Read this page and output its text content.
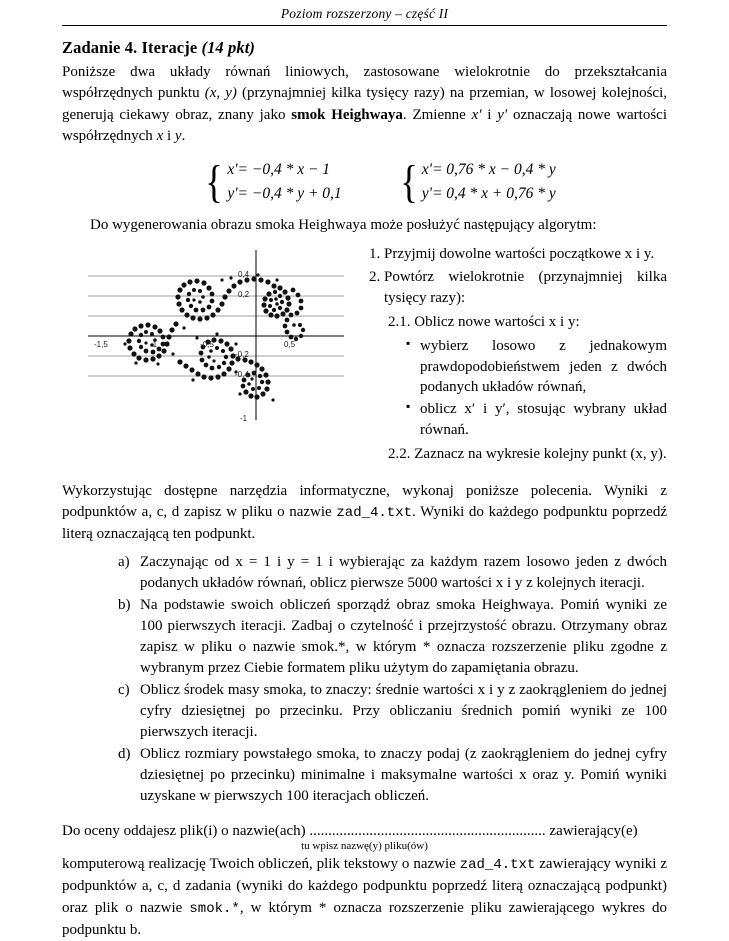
Poziom rozszerzony – część II
Zadanie 4. Iteracje (14 pkt)

Poniższe dwa układy równań liniowych, zastosowane wielokrotnie do przekształcania współrzędnych punktu (x, y) (przynajmniej kilka tysięcy razy) na przemian, w losowej kolejności, generują ciekawy obraz, znany jako smok Heighwaya. Zmienne x′ i y′ oznaczają nowe wartości współrzędnych x i y.

{ x'= −0,4 * x − 1
y'= −0,4 * y + 0,1 { x'= 0,76 * x − 0,4 * y
y'= 0,4 * x + 0,76 * y
Do wygenerowania obrazu smoka Heighwaya może posłużyć następujący algorytm:
-1,5	-1	-0,5	0,5
0,4
0,2
-0,2
-0,4
-1
1. Przyjmij dowolne wartości początkowe x i y.
2. Powtórz wielokrotnie (przynajmniej kilka tysięcy razy):
2.1. Oblicz nowe wartości x i y:
▪ wybierz losowo z jednakowym prawdopodobieństwem jeden z dwóch podanych układów równań,
▪ oblicz x′ i y′, stosując wybrany układ równań.
2.2. Zaznacz na wykresie kolejny punkt (x, y).

Wykorzystując dostępne narzędzia informatyczne, wykonaj poniższe polecenia. Wyniki z podpunktów a, c, d zapisz w pliku o nazwie zad_4.txt. Wyniki do każdego podpunktu poprzedź literą oznaczającą ten podpunkt.

a) Zaczynając od x = 1 i y = 1 i wybierając za każdym razem losowo jeden z dwóch podanych układów równań, oblicz pierwsze 5000 wartości x i y z kolejnych iteracji.
b) Na podstawie swoich obliczeń sporządź obraz smoka Heighwaya. Pomiń wyniki ze 100 pierwszych iteracji. Zadbaj o czytelność i przejrzystość obrazu. Otrzymany obraz zapisz w pliku o nazwie smok.*, w którym * oznacza rozszerzenie pliku zgodne z wybranym przez Ciebie formatem pliku użytym do zapamiętania obrazu.
c) Oblicz środek masy smoka, to znaczy: średnie wartości x i y z zaokrągleniem do jednej cyfry dziesiętnej po przecinku. Przy obliczaniu średnich pomiń wyniki ze 100 pierwszych iteracji.
d) Oblicz rozmiary powstałego smoka, to znaczy podaj (z zaokrągleniem do jednej cyfry dziesiętnej po przecinku) minimalne i maksymalne wartości x oraz y. Pomiń wyniki uzyskane w pierwszych 100 iteracjach obliczeń.
Do oceny oddajesz plik(i) o nazwie(ach) ............................................................... zawierający(e)
tu wpisz nazwę(y) pliku(ów)

komputerową realizację Twoich obliczeń, plik tekstowy o nazwie zad_4.txt zawierający wyniki z podpunktów a, c, d zadania (wyniki do każdego podpunktu poprzedź literą oznaczającą podpunkt) oraz plik o nazwie smok.*, w którym * oznacza rozszerzenie pliku zawierającego wykres do podpunktu b.
